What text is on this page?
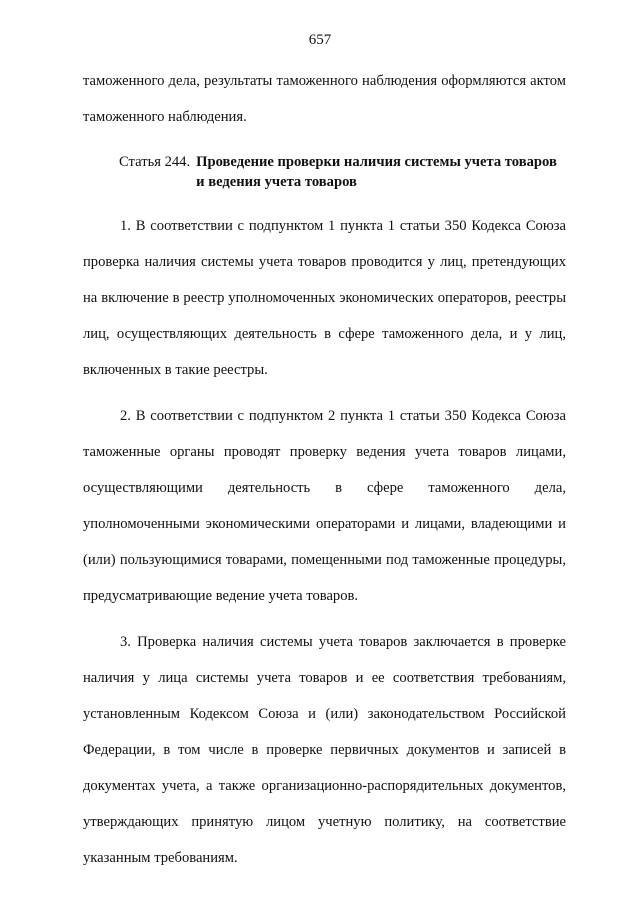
657

таможенного дела, результаты таможенного наблюдения оформляются актом таможенного наблюдения.

Статья 244. Проведение проверки наличия системы учета товаров и ведения учета товаров

1. В соответствии с подпунктом 1 пункта 1 статьи 350 Кодекса Союза проверка наличия системы учета товаров проводится у лиц, претендующих на включение в реестр уполномоченных экономических операторов, реестры лиц, осуществляющих деятельность в сфере таможенного дела, и у лиц, включенных в такие реестры.

2. В соответствии с подпунктом 2 пункта 1 статьи 350 Кодекса Союза таможенные органы проводят проверку ведения учета товаров лицами, осуществляющими деятельность в сфере таможенного дела, уполномоченными экономическими операторами и лицами, владеющими и (или) пользующимися товарами, помещенными под таможенные процедуры, предусматривающие ведение учета товаров.

3. Проверка наличия системы учета товаров заключается в проверке наличия у лица системы учета товаров и ее соответствия требованиям, установленным Кодексом Союза и (или) законодательством Российской Федерации, в том числе в проверке первичных документов и записей в документах учета, а также организационно-распорядительных документов, утверждающих принятую лицом учетную политику, на соответствие указанным требованиям.
